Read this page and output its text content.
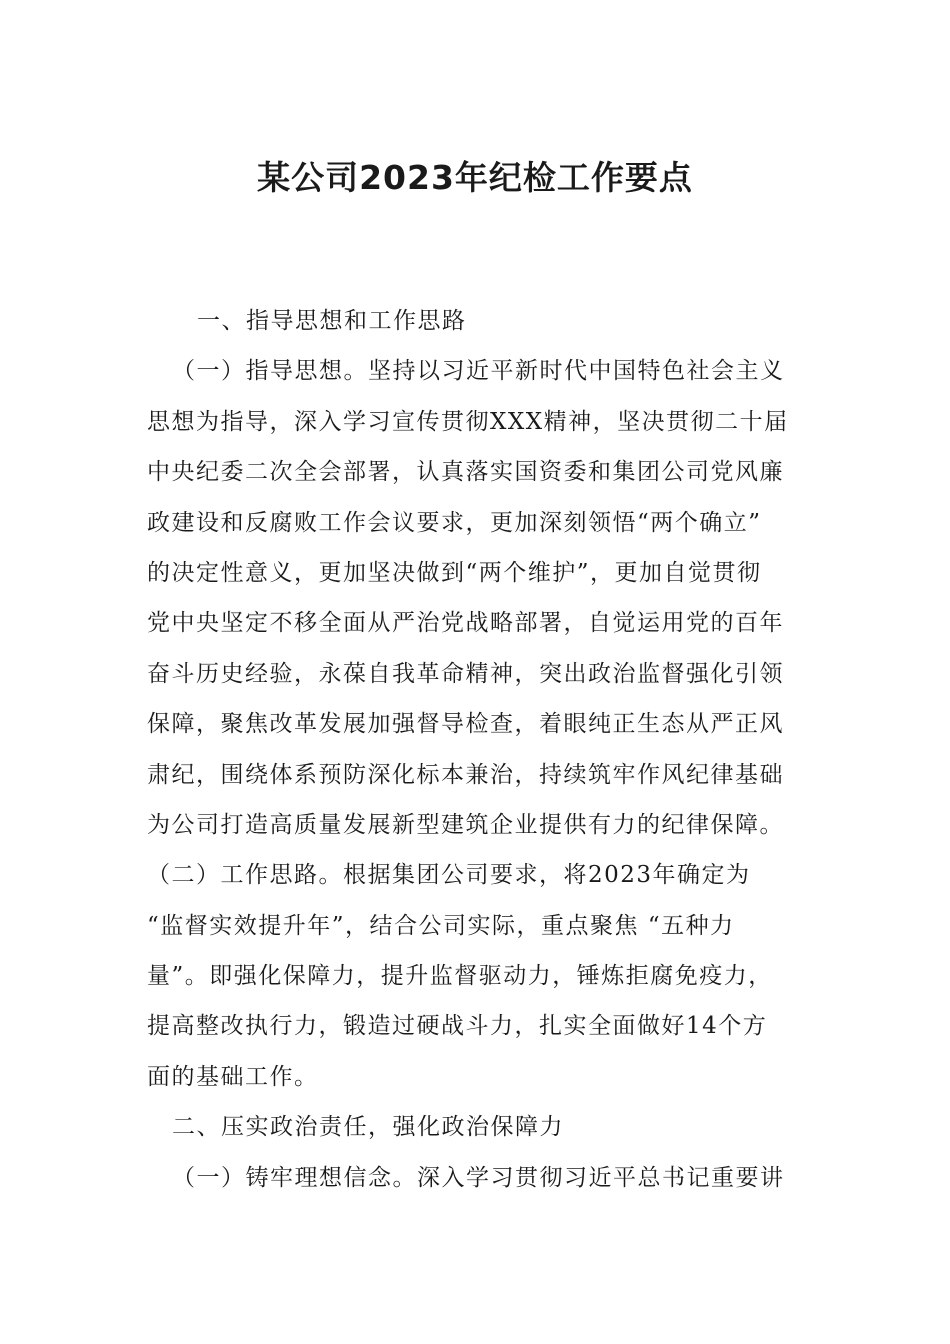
某公司2023年纪检工作要点
一、指导思想和工作思路
（一）指导思想。坚持以习近平新时代中国特色社会主义
思想为指导，深入学习宣传贯彻XXX精神，坚决贯彻二十届
中央纪委二次全会部署，认真落实国资委和集团公司党风廉
政建设和反腐败工作会议要求，更加深刻领悟“两个确立”
的决定性意义，更加坚决做到“两个维护”，更加自觉贯彻
党中央坚定不移全面从严治党战略部署，自觉运用党的百年
奋斗历史经验，永葆自我革命精神，突出政治监督强化引领
保障，聚焦改革发展加强督导检查，着眼纯正生态从严正风
肃纪，围绕体系预防深化标本兼治，持续筑牢作风纪律基础
为公司打造高质量发展新型建筑企业提供有力的纪律保障。
（二）工作思路。根据集团公司要求，将2023年确定为
“监督实效提升年”，结合公司实际，重点聚焦 “五种力
量”。即强化保障力，提升监督驱动力，锤炼拒腐免疫力，
提高整改执行力，锻造过硬战斗力，扎实全面做好14个方
面的基础工作。
二、压实政治责任，强化政治保障力
（一）铸牢理想信念。深入学习贯彻习近平总书记重要讲
